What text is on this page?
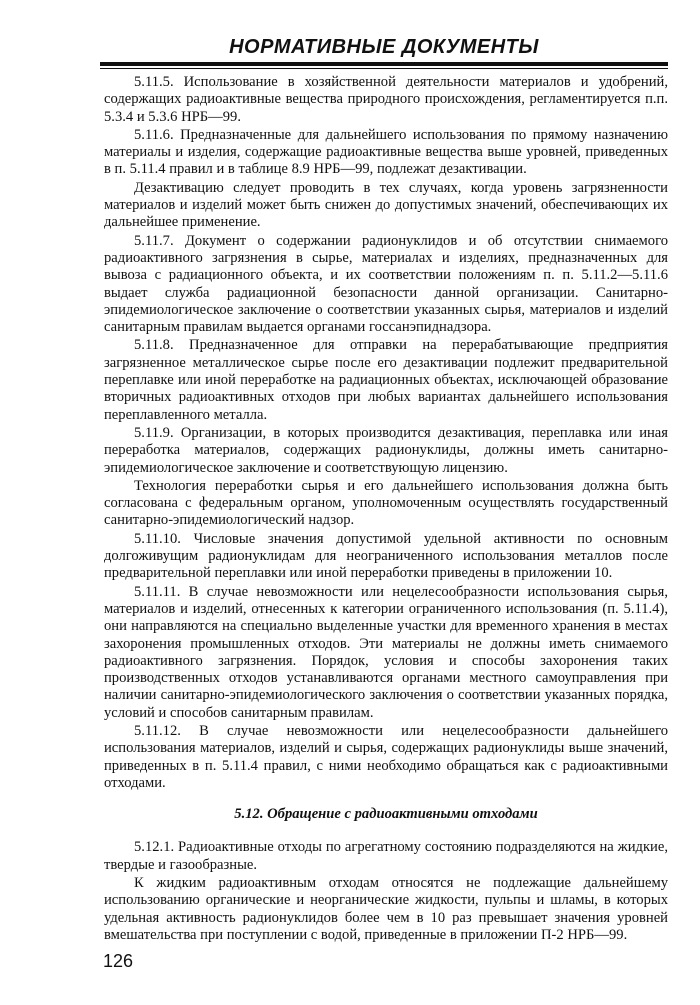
НОРМАТИВНЫЕ ДОКУМЕНТЫ

5.11.5. Использование в хозяйственной деятельности материалов и удобрений, содержащих радиоактивные вещества природного происхождения, регламентируется п.п. 5.3.4 и 5.3.6 НРБ—99.

5.11.6. Предназначенные для дальнейшего использования по прямому назначению материалы и изделия, содержащие радиоактивные вещества выше уровней, приведенных в п. 5.11.4 правил и в таблице 8.9 НРБ—99, подлежат дезактивации.

Дезактивацию следует проводить в тех случаях, когда уровень загрязненности материалов и изделий может быть снижен до допустимых значений, обеспечивающих их дальнейшее применение.

5.11.7. Документ о содержании радионуклидов и об отсутствии снимаемого радиоактивного загрязнения в сырье, материалах и изделиях, предназначенных для вывоза с радиационного объекта, и их соответствии положениям п. п. 5.11.2—5.11.6 выдает служба радиационной безопасности данной организации. Санитарно-эпидемиологическое заключение о соответствии указанных сырья, материалов и изделий санитарным правилам выдается органами госсанэпиднадзора.

5.11.8. Предназначенное для отправки на перерабатывающие предприятия загрязненное металлическое сырье после его дезактивации подлежит предварительной переплавке или иной переработке на радиационных объектах, исключающей образование вторичных радиоактивных отходов при любых вариантах дальнейшего использования переплавленного металла.

5.11.9. Организации, в которых производится дезактивация, переплавка или иная переработка материалов, содержащих радионуклиды, должны иметь санитарно-эпидемиологическое заключение и соответствующую лицензию.

Технология переработки сырья и его дальнейшего использования должна быть согласована с федеральным органом, уполномоченным осуществлять государственный санитарно-эпидемиологический надзор.

5.11.10. Числовые значения допустимой удельной активности по основным долгоживущим радионуклидам для неограниченного использования металлов после предварительной переплавки или иной переработки приведены в приложении 10.

5.11.11. В случае невозможности или нецелесообразности использования сырья, материалов и изделий, отнесенных к категории ограниченного использования (п. 5.11.4), они направляются на специально выделенные участки для временного хранения в местах захоронения промышленных отходов. Эти материалы не должны иметь снимаемого радиоактивного загрязнения. Порядок, условия и способы захоронения таких производственных отходов устанавливаются органами местного самоуправления при наличии санитарно-эпидемиологического заключения о соответствии указанных порядка, условий и способов санитарным правилам.

5.11.12. В случае невозможности или нецелесообразности дальнейшего использования материалов, изделий и сырья, содержащих радионуклиды выше значений, приведенных в п. 5.11.4 правил, с ними необходимо обращаться как с радиоактивными отходами.

5.12. Обращение с радиоактивными отходами

5.12.1. Радиоактивные отходы по агрегатному состоянию подразделяются на жидкие, твердые и газообразные.

К жидким радиоактивным отходам относятся не подлежащие дальнейшему использованию органические и неорганические жидкости, пульпы и шламы, в которых удельная активность радионуклидов более чем в 10 раз превышает значения уровней вмешательства при поступлении с водой, приведенные в приложении П-2 НРБ—99.

126
